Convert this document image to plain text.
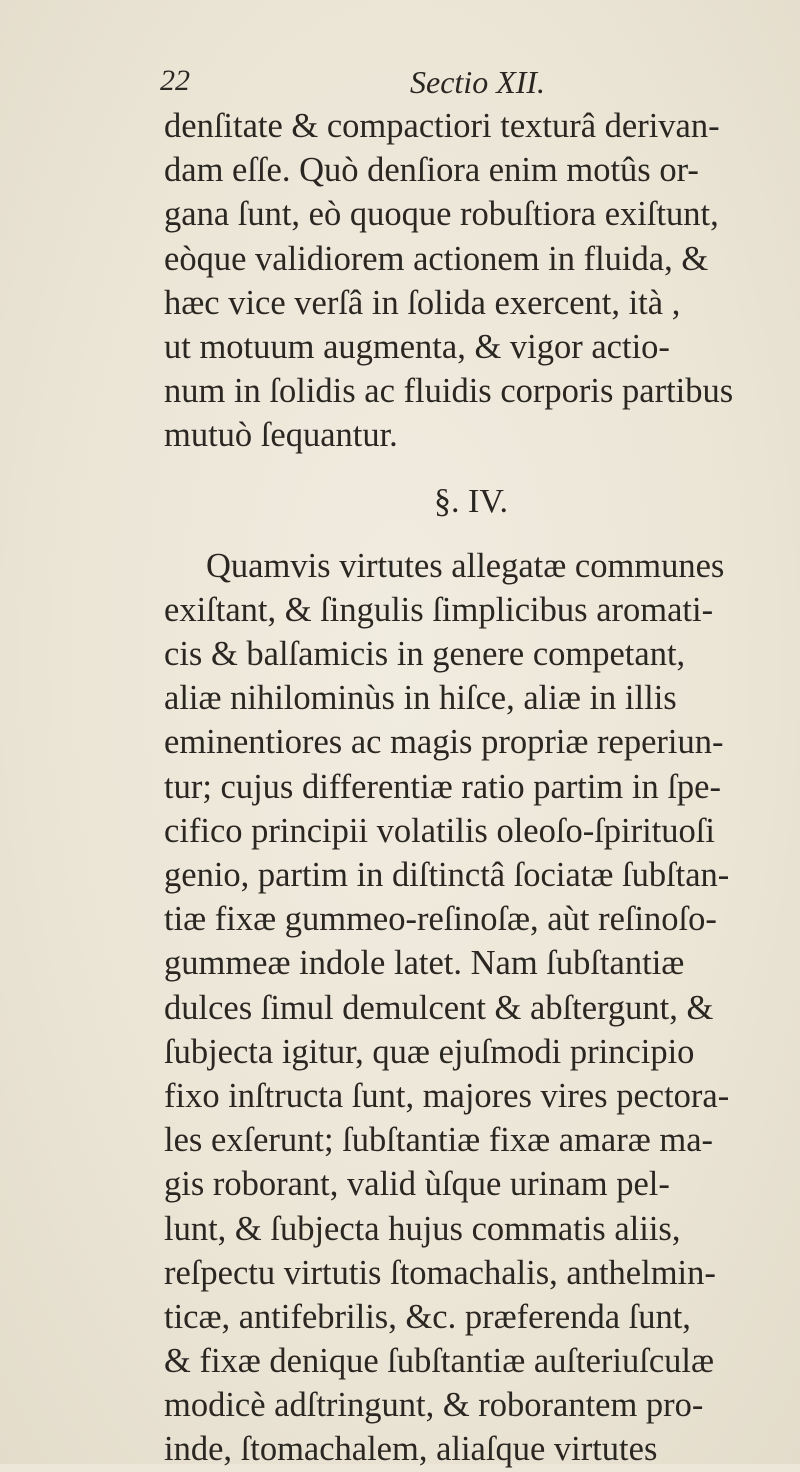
22	Sectio XII.
denſitate & compactiori texturâ derivan-
dam eſſe. Quò denſiora enim motûs or-
gana ſunt, eò quoque robuſtiora exiſtunt,
eòque validiorem actionem in fluida, &
hæc vice verſâ in ſolida exercent, ità ,
ut motuum augmenta, & vigor actio-
num in ſolidis ac fluidis corporis partibus
mutuò ſequantur.
§. IV.
Quamvis virtutes allegatæ communes
exiſtant, & ſingulis ſimplicibus aromati-
cis & balſamicis in genere competant,
aliæ nihilominùs in hiſce, aliæ in illis
eminentiores ac magis propriæ reperiun-
tur; cujus differentiæ ratio partim in ſpe-
cifico principii volatilis oleoſo-ſpirituoſi
genio, partim in diſtinctâ ſociatæ ſubſtan-
tiæ fixæ gummeo-reſinoſæ, aùt reſinoſo-
gummeæ indole latet. Nam ſubſtantiæ
dulces ſimul demulcent & abſtergunt, &
ſubjecta igitur, quæ ejuſmodi principio
fixo inſtructa ſunt, majores vires pectora-
les exſerunt; ſubſtantiæ fixæ amaræ ma-
gis roborant, valid ùſque urinam pel-
lunt, & ſubjecta hujus commatis aliis,
reſpectu virtutis ſtomachalis, anthelmin-
ticæ, antifebrilis, &c. præferenda ſunt,
& fixæ denique ſubſtantiæ auſteriuſculæ
modicè adſtringunt, & roborantem pro-
inde, ſtomachalem, aliaſque virtutes
